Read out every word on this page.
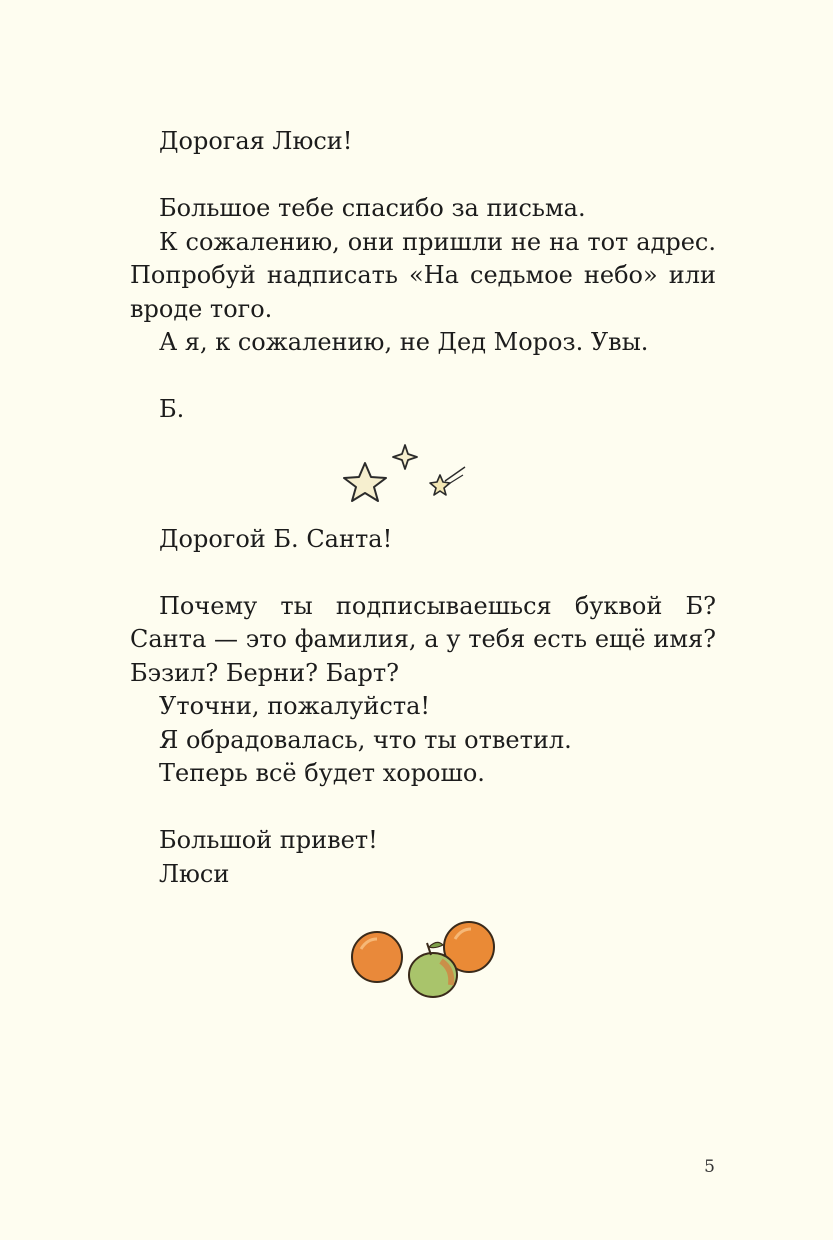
Дорогая Люси!

Большое тебе спасибо за письма.

К сожалению, они пришли не на тот адрес. Попробуй надписать «На седьмое небо» или вроде того.

А я, к сожалению, не Дед Мороз. Увы.

Б.

Дорогой Б. Санта!

Почему ты подписываешься буквой Б? Санта — это фамилия, а у тебя есть ещё имя? Бэзил? Берни? Барт?

Уточни, пожалуйста!

Я обрадовалась, что ты ответил.

Теперь всё будет хорошо.

Большой привет!

Люси

5
